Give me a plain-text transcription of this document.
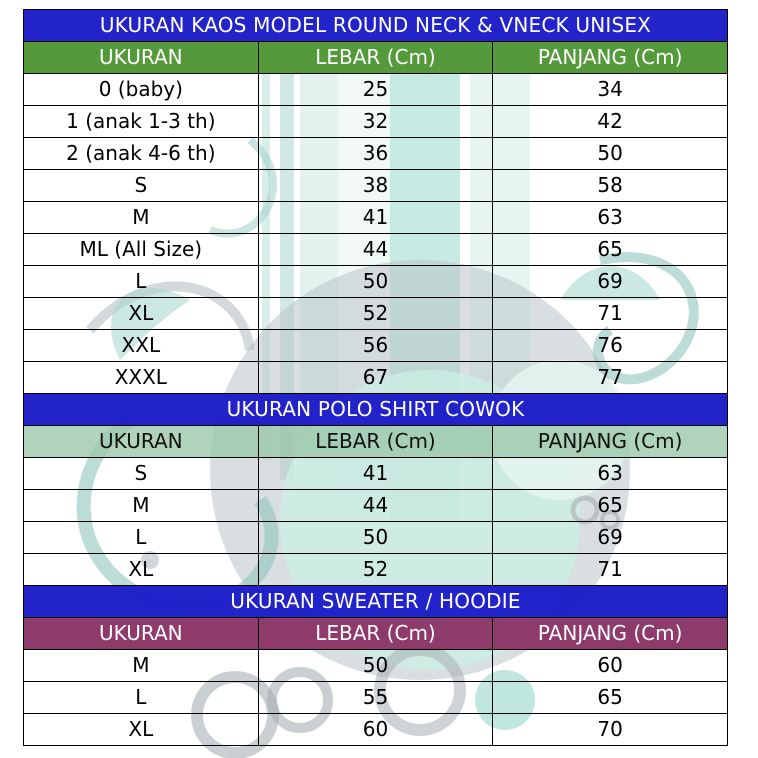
UKURAN KAOS MODEL ROUND NECK & VNECK UNISEX		
UKURAN	LEBAR (Cm)	PANJANG (Cm)
0 (baby)	25	34
1 (anak 1-3 th)	32	42
2 (anak 4-6 th)	36	50
S	38	58
M	41	63
ML (All Size)	44	65
L	50	69
XL	52	71
XXL	56	76
XXXL	67	77
UKURAN POLO SHIRT COWOK		
UKURAN	LEBAR (Cm)	PANJANG (Cm)
S	41	63
M	44	65
L	50	69
XL	52	71
UKURAN SWEATER / HOODIE		
UKURAN	LEBAR (Cm)	PANJANG (Cm)
M	50	60
L	55	65
XL	60	70
